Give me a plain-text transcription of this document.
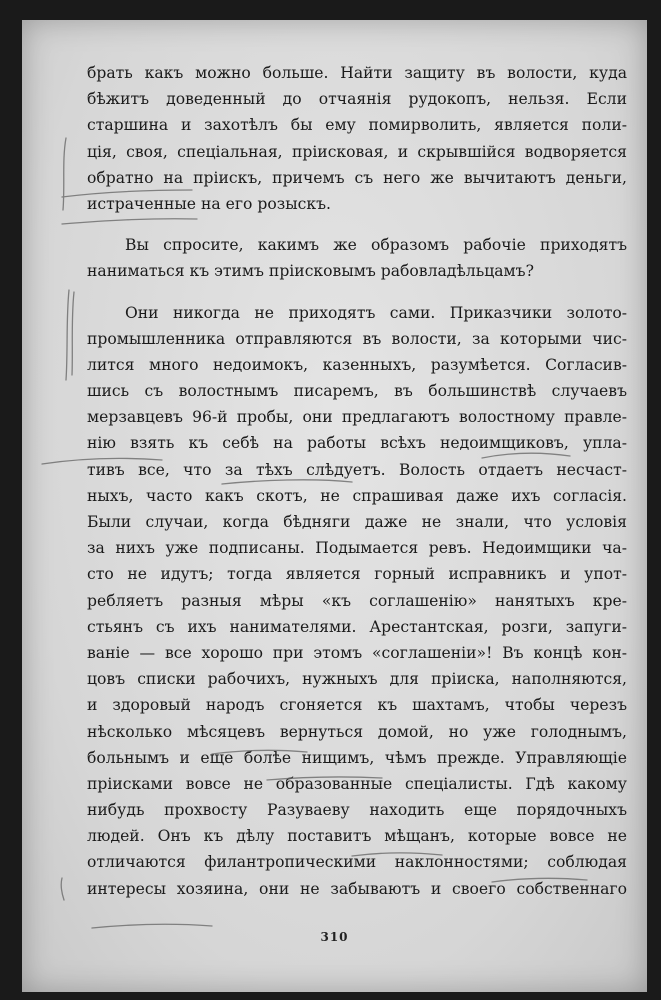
брать какъ можно больше. Найти защиту въ волости, куда
бѣжитъ доведенный до отчаянія рудокопъ, нельзя. Если
старшина и захотѣлъ бы ему помирволить, является поли-
ція, своя, спеціальная, пріисковая, и скрывшійся водворяется
обратно на пріискъ, причемъ съ него же вычитаютъ деньги,
истраченные на его розыскъ.
Вы спросите, какимъ же образомъ рабочіе приходятъ
наниматься къ этимъ пріисковымъ рабовладѣльцамъ?
Они никогда не приходятъ сами. Приказчики золото-
промышленника отправляются въ волости, за которыми чис-
лится много недоимокъ, казенныхъ, разумѣется. Согласив-
шись съ волостнымъ писаремъ, въ большинствѣ случаевъ
мерзавцевъ 96-й пробы, они предлагаютъ волостному правле-
нію взять къ себѣ на работы всѣхъ недоимщиковъ, упла-
тивъ все, что за тѣхъ слѣдуетъ. Волость отдаетъ несчаст-
ныхъ, часто какъ скотъ, не спрашивая даже ихъ согласія.
Были случаи, когда бѣдняги даже не знали, что условія
за нихъ уже подписаны. Подымается ревъ. Недоимщики ча-
сто не идутъ; тогда является горный исправникъ и упот-
ребляетъ разныя мѣры «къ соглашенію» нанятыхъ кре-
стьянъ съ ихъ нанимателями. Арестантская, розги, запуги-
ваніе — все хорошо при этомъ «соглашеніи»! Въ концѣ кон-
цовъ списки рабочихъ, нужныхъ для пріиска, наполняются,
и здоровый народъ сгоняется къ шахтамъ, чтобы черезъ
нѣсколько мѣсяцевъ вернуться домой, но уже голоднымъ,
больнымъ и еще болѣе нищимъ, чѣмъ прежде. Управляющіе
пріисками вовсе не образованные спеціалисты. Гдѣ какому
нибудь прохвосту Разуваеву находить еще порядочныхъ
людей. Онъ къ дѣлу поставитъ мѣщанъ, которые вовсе не
отличаются филантропическими наклонностями; соблюдая
интересы хозяина, они не забываютъ и своего собственнаго
310
